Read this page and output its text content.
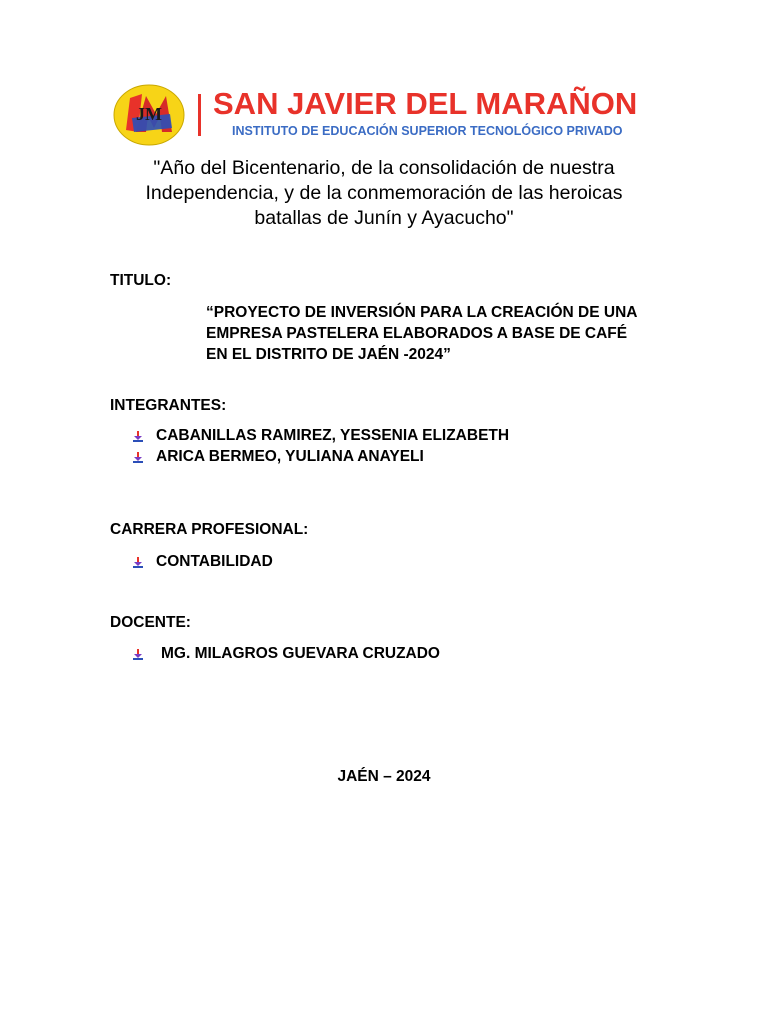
JM SAN JAVIER DEL MARAÑON
INSTITUTO DE EDUCACIÓN SUPERIOR TECNOLÓGICO PRIVADO
"Año del Bicentenario, de la consolidación de nuestra Independencia, y de la conmemoración de las heroicas batallas de Junín y Ayacucho"
TITULO:
“PROYECTO DE INVERSIÓN PARA LA CREACIÓN DE UNA EMPRESA PASTELERA ELABORADOS A BASE DE CAFÉ EN EL DISTRITO DE JAÉN -2024”
INTEGRANTES:
CABANILLAS RAMIREZ, YESSENIA ELIZABETH
ARICA BERMEO, YULIANA ANAYELI
CARRERA PROFESIONAL:
CONTABILIDAD
DOCENTE:
MG. MILAGROS GUEVARA CRUZADO
JAÉN – 2024
